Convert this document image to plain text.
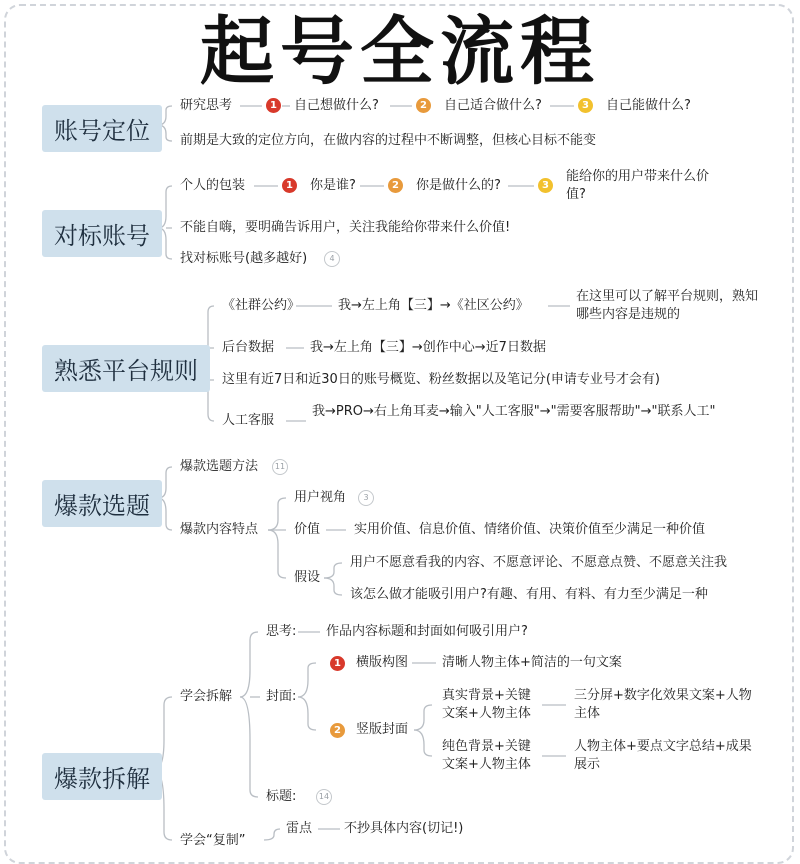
起号全流程
账号定位
研究思考	1	自己想做什么?	2	自己适合做什么?	3	自己能做什么?
前期是大致的定位方向，在做内容的过程中不断调整，但核心目标不能变
对标账号
个人的包装	1	你是谁?	2	你是做什么的?	3
能给你的用户带来什么价值?
不能自嗨，要明确告诉用户，关注我能给你带来什么价值!
找对标账号(越多越好)	4
熟悉平台规则
《社群公约》	我→左上角【三】→《社区公约》
在这里可以了解平台规则，熟知哪些内容是违规的
后台数据	我→左上角【三】→创作中心→近7日数据
这里有近7日和近30日的账号概览、粉丝数据以及笔记分(申请专业号才会有)
人工客服
我→PRO→右上角耳麦→输入"人工客服"→"需要客服帮助"→"联系人工"
爆款选题
爆款选题方法	11
爆款内容特点
用户视角	3
价值	实用价值、信息价值、情绪价值、决策价值至少满足一种价值
假设
用户不愿意看我的内容、不愿意评论、不愿意点赞、不愿意关注我
该怎么做才能吸引用户?有趣、有用、有料、有力至少满足一种
爆款拆解
学会拆解
思考: 作品内容标题和封面如何吸引用户?
封面:
1	横版构图	清晰人物主体+简洁的一句文案
2	竖版封面
真实背景+关键文案+人物主体
三分屏+数字化效果文案+人物主体
纯色背景+关键文案+人物主体
人物主体+要点文字总结+成果展示
标题:	14
学会“复制”
雷点 不抄具体内容(切记!)
